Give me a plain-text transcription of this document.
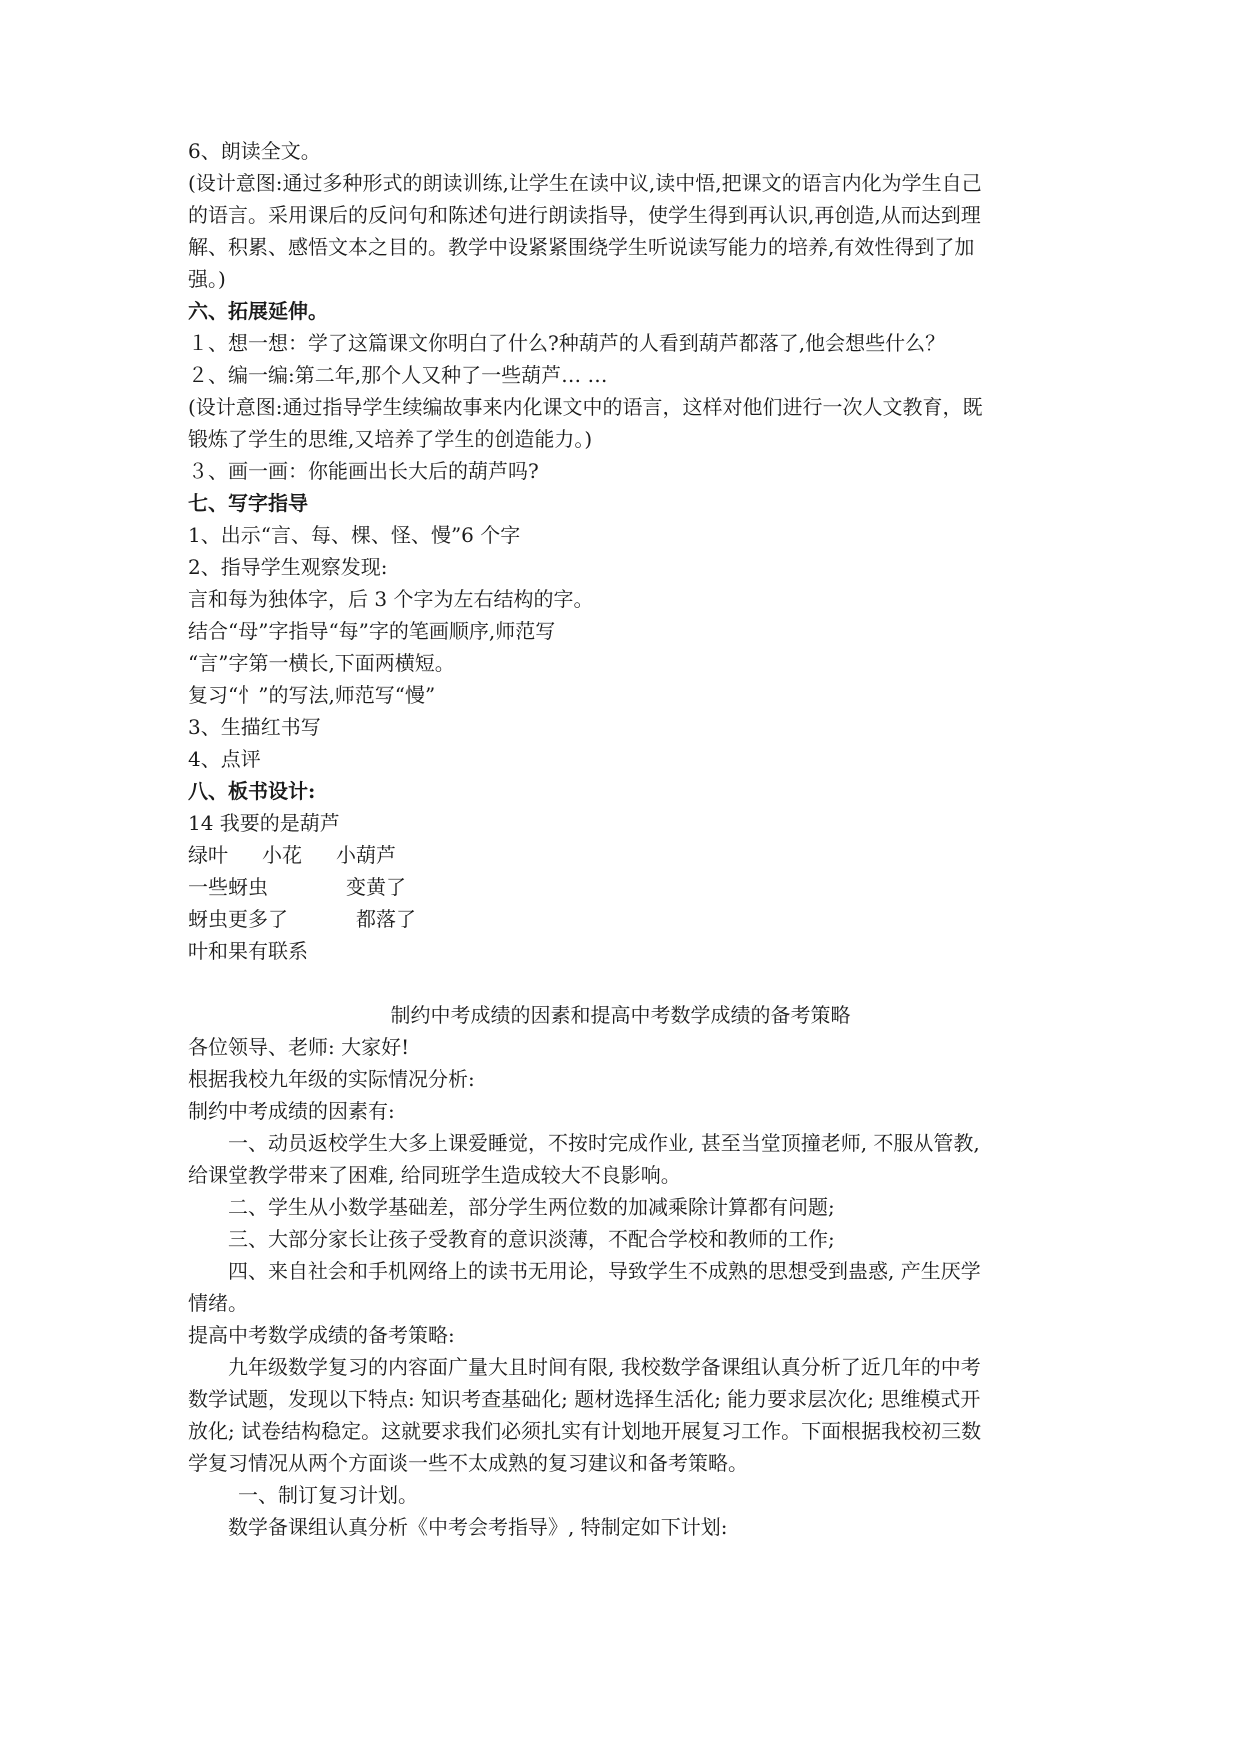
6、朗读全文。
(设计意图:通过多种形式的朗读训练,让学生在读中议,读中悟,把课文的语言内化为学生自己
的语言。采用课后的反问句和陈述句进行朗读指导，使学生得到再认识,再创造,从而达到理
解、积累、感悟文本之目的。教学中设紧紧围绕学生听说读写能力的培养,有效性得到了加
强。)
六、拓展延伸。
１、想一想：学了这篇课文你明白了什么?种葫芦的人看到葫芦都落了,他会想些什么？
２、编一编:第二年,那个人又种了一些葫芦… …
(设计意图:通过指导学生续编故事来内化课文中的语言，这样对他们进行一次人文教育，既
锻炼了学生的思维,又培养了学生的创造能力。)
３、画一画：你能画出长大后的葫芦吗?
七、写字指导
1、出示“言、每、棵、怪、慢”6 个字
2、指导学生观察发现:
言和每为独体字，后 3 个字为左右结构的字。
结合“母”字指导“每”字的笔画顺序,师范写
“言”字第一横长,下面两横短。
复习“忄”的写法,师范写“慢”
3、生描红书写
4、点评
八、板书设计:
14 我要的是葫芦
绿叶 小花 小葫芦
一些蚜虫	变黄了
蚜虫更多了	都落了
叶和果有联系
制约中考成绩的因素和提高中考数学成绩的备考策略
各位领导、老师: 大家好!
根据我校九年级的实际情况分析:
制约中考成绩的因素有:
一、动员返校学生大多上课爱睡觉，不按时完成作业, 甚至当堂顶撞老师, 不服从管教,
给课堂教学带来了困难, 给同班学生造成较大不良影响。
二、学生从小数学基础差，部分学生两位数的加减乘除计算都有问题;
三、大部分家长让孩子受教育的意识淡薄，不配合学校和教师的工作;
四、来自社会和手机网络上的读书无用论，导致学生不成熟的思想受到蛊惑, 产生厌学
情绪。
提高中考数学成绩的备考策略:
九年级数学复习的内容面广量大且时间有限, 我校数学备课组认真分析了近几年的中考
数学试题，发现以下特点: 知识考查基础化; 题材选择生活化; 能力要求层次化; 思维模式开
放化; 试卷结构稳定。这就要求我们必须扎实有计划地开展复习工作。下面根据我校初三数
学复习情况从两个方面谈一些不太成熟的复习建议和备考策略。
一、制订复习计划。
数学备课组认真分析《中考会考指导》, 特制定如下计划:
